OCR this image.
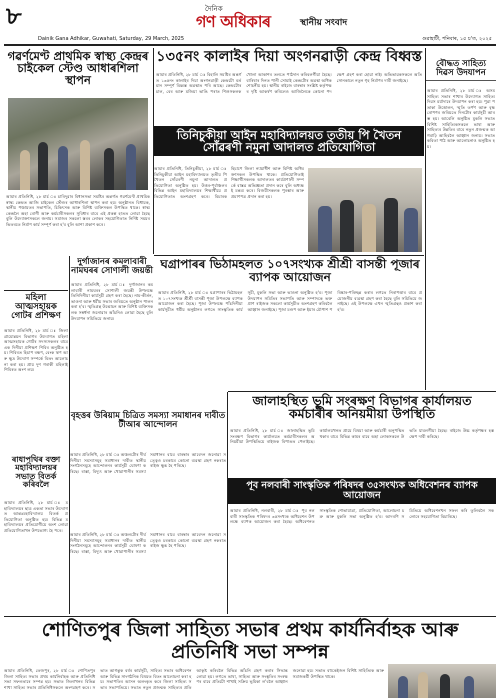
৮
Dainik Gana Adhikar, Guwahati, Saturday, 29 March, 2025
দৈনিক
গণ অধিকাৰ	স্থানীয় সংবাদ
গুৱাহাটী, শনিবাৰ, ১৫ চ'ত, ২০২৫
গৱৰ্ণমেণ্ট প্ৰাথমিক স্বাস্থ্য কেন্দ্ৰৰ চাইকেল স্টেণ্ড আধাৰশিলা স্থাপন
আমাৰ প্ৰতিনিধি, ২৮ মাৰ্চ ঃ চাৰিদুৱাৰ বিধানসভা সমষ্টিৰ অন্তৰ্গত গৱৰ্ণমেণ্ট প্ৰাথমিক স্বাস্থ্য কেন্দ্ৰত আজি চাইকেল স্টেণ্ডৰ আধাৰশিলা স্থাপন কৰা হয়। অনুষ্ঠানত বিধায়ক, স্থানীয় পঞ্চায়তৰ সভাপতি, চিকিৎসক আৰু বিশিষ্ট ব্যক্তিসকল উপস্থিত থাকে। স্বাস্থ্য কেন্দ্ৰলৈ অহা ৰোগী আৰু কৰ্মচাৰীসকলৰ সুবিধাৰ বাবে এই প্ৰকল্প হাতত লোৱা হৈছে বুলি উদ্যোক্তাসকলে জনায়। সমাজৰ সকলো স্তৰৰ লোকৰ সহযোগিতাত নিৰ্দিষ্ট সময়ৰ ভিতৰতে নিৰ্মাণ কাৰ্য সম্পূৰ্ণ কৰা হ'ব বুলি আশা প্ৰকাশ কৰে।
১৩৫নং কালাইৰ দিয়া অংগনৱাড়ী কেন্দ্ৰ বিধ্বস্ত
আমাৰ প্ৰতিনিধি, ২৮ মাৰ্চ ঃ বিহালি সমষ্টিৰ অন্তৰ্গত ১৩৫নং কালাইৰ দিয়া অংগনৱাড়ী কেন্দ্ৰটো বৰ্তমান সম্পূৰ্ণ বিধ্বস্ত অৱস্থাত পৰি আছে। কেন্দ্ৰটোৰ চাল, বেৰ আৰু মজিয়া ভাঙি পৰাত শিশুসকলক খোলা আকাশৰ তলতে পাঠদান কৰিবলগীয়া হৈছে। বাৰিষাৰ দিনত পানী সোমাই কেন্দ্ৰটোৰ অৱস্থা অধিক শোচনীয় হয়। স্থানীয় ৰাইজে বাৰম্বাৰ সংশ্লিষ্ট কৰ্তৃপক্ষৰ দৃষ্টি আকৰ্ষণ কৰিলেও আজিলৈকে কোনো পদক্ষেপ গ্ৰহণ কৰা হোৱা নাই। অভিভাৱকসকলে অতি সোনকালে নতুন গৃহ নিৰ্মাণৰ দাবী জনাইছে।
বৌদ্ধত সাহিত্য দিৱস উদযাপন
আমাৰ প্ৰতিনিধি, ২৮ মাৰ্চ ঃ অসম সাহিত্য সভাৰ শাখাৰ উদ্যোগত সাহিত্য দিৱস মৰ্যাদাৰে উদযাপন কৰা হয়। পুৱা পতাকা উত্তোলন, স্মৃতি তৰ্পণ আৰু বৃক্ষৰোপণৰ জৰিয়তে দিনটোৰ কাৰ্যসূচী আৰম্ভ হয়। আবেলি অনুষ্ঠিত মুকলি সভাত বিশিষ্ট সাহিত্যিকসকলে ভাষা আৰু সাহিত্যৰ উন্নতিৰ বাবে নতুন প্ৰজন্মক আগবাঢ়ি আহিবলৈ আহ্বান জনায়। সভাত কবিতা পাঠ আৰু আলোচনাও অনুষ্ঠিত হয়।
তিনিচুকীয়া আইন মহাবিদ্যালয়ত তৃতীয় পি খৈতন সোঁৱৰণী নমুনা আদালত প্ৰতিযোগিতা
আমাৰ প্ৰতিনিধি, তিনিচুকীয়া, ২৮ মাৰ্চ ঃ তিনিচুকীয়া আইন মহাবিদ্যালয়ত তৃতীয় পি খৈতন সোঁৱৰণী নমুনা আদালত প্ৰতিযোগিতা অনুষ্ঠিত হয়। উত্তৰ-পূৰ্বাঞ্চলৰ বিভিন্ন আইন মহাবিদ্যালয়ৰ শিক্ষাৰ্থীয়ে প্ৰতিযোগিতাত অংশগ্ৰহণ কৰে। বিচাৰক হিচাপে জিলা ন্যায়াধীশ আৰু বিশিষ্ট অধিবক্তাসকল উপস্থিত থাকে। প্ৰতিযোগিতাই শিক্ষাৰ্থীসকলক আদালতৰ কাৰ্যপ্ৰণালী সম্পৰ্কে বাস্তৱ অভিজ্ঞতা প্ৰদান কৰে বুলি অধ্যক্ষই মন্তব্য কৰে। বিজয়ীসকলক পুৰস্কাৰ আৰু প্ৰমাণপত্ৰ প্ৰদান কৰা হয়।
মহিলা আত্মসহায়ক গোটৰ প্ৰশিক্ষণ
আমাৰ প্ৰতিনিধি, ২৮ মাৰ্চ ঃ জিলা গ্ৰামোন্নয়ন বিভাগৰ উদ্যোগত মহিলা আত্মসহায়ক গোটৰ সদস্যসকলৰ বাবে এক দিনীয়া প্ৰশিক্ষণ শিবিৰ অনুষ্ঠিত হয়। শিবিৰত হিচাপ ৰক্ষণ, বেংক ঋণ আৰু ক্ষুদ্ৰ উদ্যোগ সম্পৰ্কে বিতং আলোচনা কৰা হয়। প্ৰায় দুশ গৰাকী মহিলাই শিবিৰত অংশ লয়।
দুৰ্গাজানৰ কমলাবাৰী নামঘৰৰ সোণালী জয়ন্তী
আমাৰ প্ৰতিনিধি, ২৮ মাৰ্চ ঃ দুৰ্গাজানৰ কমলাবাৰী নামঘৰৰ সোণালী জয়ন্তী উপলক্ষে তিনিদিনীয়া কাৰ্যসূচী গ্ৰহণ কৰা হৈছে। নাম-কীৰ্তন, ভাওনা আৰু ধৰ্মীয় সভাৰ জৰিয়তে অনুষ্ঠান পালন কৰা হ'ব। স্মৃতিগ্ৰন্থ উন্মোচন আৰু বিশিষ্ট ব্যক্তিসকলক সম্বৰ্ধনা জনোৱাৰ আঁচনিও লোৱা হৈছে বুলি উদযাপন সমিতিয়ে জনায়।
বৃহত্তৰ উৰিয়াম চিত্ৰিত সমস্যা সমাধানৰ দাবীত টীআৰ আন্দোলন
আমাৰ প্ৰতিনিধি, ২৮ মাৰ্চ ঃ অঞ্চলটোৰ দীৰ্ঘদিনীয়া সমস্যাসমূহ সমাধানৰ দাবীত স্থানীয় সংগঠনসমূহে আন্দোলনৰ কাৰ্যসূচী ঘোষণা কৰিছে। ৰাস্তা, বিদ্যুৎ আৰু খোৱাপানীৰ সমস্যা সমাধানৰ বাবে বাৰম্বাৰ আবেদন জনোৱা সত্ত্বেও চৰকাৰে কোনো ব্যৱস্থা গ্ৰহণ নকৰাত ৰাইজ ক্ষুব্ধ হৈ পৰিছে।
ঘগ্ৰাপাৰৰ ভিঠামহলত ১০৭সংখ্যক শ্ৰীশ্ৰী বাসন্তী পূজাৰ ব্যাপক আয়োজন
আমাৰ প্ৰতিনিধি, ২৮ মাৰ্চ ঃ ঘগ্ৰাপাৰৰ ভিঠামহলত ১০৭সংখ্যক শ্ৰীশ্ৰী বাসন্তী পূজা উপলক্ষে ব্যাপক আয়োজন কৰা হৈছে। পূজা উপলক্ষে পাঁচদিনীয়া কাৰ্যসূচীত ধৰ্মীয় অনুষ্ঠানৰ লগতে সাংস্কৃতিক কাৰ্যসূচী, মুকলি সভা আৰু ভাওনা অনুষ্ঠিত হ'ব। পূজা উদযাপন সমিতিৰ সভাপতি আৰু সম্পাদকে ভক্তপ্ৰাণ ৰাইজক সকলো কাৰ্যসূচীত অংশগ্ৰহণ কৰিবলৈ আহ্বান জনাইছে। পূজা মণ্ডপ আৰু ইয়াৰ চৌপাশ পৰিষ্কাৰ-পৰিচ্ছন্ন কৰাৰ লগতে নিৰাপত্তাৰ বাবে প্ৰয়োজনীয় ব্যৱস্থা গ্ৰহণ কৰা হৈছে বুলি সমিতিয়ে জনাইছে। এই উপলক্ষে এখন স্মৃতিগ্ৰন্থও প্ৰকাশ কৰা হ'ব।
জালাহস্থিত ভূমি সংৰক্ষণ বিভাগৰ কাৰ্যালয়ত কৰ্মচাৰীৰ অনিয়মীয়া উপস্থিতি
আমাৰ প্ৰতিনিধি, ২৮ মাৰ্চ ঃ জালাহস্থিত ভূমি সংৰক্ষণ বিভাগৰ কাৰ্যালয়ত কৰ্মচাৰীসকলৰ অনিয়মীয়া উপস্থিতিয়ে ৰাইজক বিপাঙত পেলাইছে। কাৰ্যালয়খনত প্ৰায়ে বিষয়া আৰু কৰ্মচাৰী অনুপস্থিত থকাৰ বাবে বিভিন্ন কামৰ বাবে অহা লোকসকলে উভতি যাবলগীয়া হৈছে। ৰাইজে উচ্চ কৰ্তৃপক্ষৰ হস্তক্ষেপ দাবী কৰিছে।
পূব নলবাৰী সাংস্কৃতিক পৰিষদৰ ৩৫সংখ্যক অধিবেশনৰ ব্যাপক আয়োজন
আমাৰ প্ৰতিনিধি, নলবাৰী, ২৮ মাৰ্চ ঃ পূব নলবাৰী সাংস্কৃতিক পৰিষদৰ ৩৫সংখ্যক অধিবেশন উপলক্ষে ব্যাপক আয়োজন কৰা হৈছে। অধিবেশনত সাংস্কৃতিক শোভাযাত্ৰা, প্ৰতিযোগিতা, আলোচনা চক্ৰ আৰু মুকলি সভা অনুষ্ঠিত হ'ব। আদৰণি সমিতিয়ে অধিবেশনখন সফল কৰি তুলিবলৈ সকলোৰে সহযোগিতা বিচাৰিছে।
ৰাধাপথিৰ বক্তা মহাবিদ্যালয়ৰ সভাত বিতৰ্ক কৰিবলৈ
আমাৰ প্ৰতিনিধি, ২৮ মাৰ্চ ঃ মহাবিদ্যালয়ৰ ছাত্ৰ একতা সভাৰ উদ্যোগত আন্তঃমহাবিদ্যালয় বিতৰ্ক প্ৰতিযোগিতা অনুষ্ঠিত হয়। বিভিন্ন মহাবিদ্যালয়ৰ প্ৰতিযোগীয়ে অংশ লোৱা প্ৰতিযোগিতাখন উপভোগ্য হৈ পৰে।
আমাৰ প্ৰতিনিধি, ২৮ মাৰ্চ ঃ অঞ্চলটোৰ দীৰ্ঘদিনীয়া সমস্যাসমূহ সমাধানৰ দাবীত স্থানীয় সংগঠনসমূহে আন্দোলনৰ কাৰ্যসূচী ঘোষণা কৰিছে। ৰাস্তা, বিদ্যুৎ আৰু খোৱাপানীৰ সমস্যা সমাধানৰ বাবে বাৰম্বাৰ আবেদন জনোৱা সত্ত্বেও চৰকাৰে কোনো ব্যৱস্থা গ্ৰহণ নকৰাত ৰাইজ ক্ষুব্ধ হৈ পৰিছে।
শোণিতপুৰ জিলা সাহিত্য সভাৰ প্ৰথম কাৰ্যনিৰ্বাহক আৰু প্ৰতিনিধি সভা সম্পন্ন
আমাৰ প্ৰতিনিধি, তেজপুৰ, ২৮ মাৰ্চ ঃ শোণিতপুৰ জিলা সাহিত্য সভাৰ প্ৰথম কাৰ্যনিৰ্বাহক আৰু প্ৰতিনিধি সভা সফলতাৰে সম্পন্ন হয়। সভাত জিলাখনৰ বিভিন্ন শাখা সাহিত্য সভাৰ প্ৰতিনিধিসকলে অংশগ্ৰহণ কৰে। সভাত আগন্তুক বৰ্ষৰ কাৰ্যসূচী, সাহিত্য সভাৰ অধিবেশন আৰু বিভিন্ন সাংগঠনিক বিষয়ত বিতং আলোচনা কৰা হয়। সভাপতিৰ আসন অলংকৃত কৰে জিলা সাহিত্য সভাৰ সভাপতিয়ে। সভাত নতুন প্ৰজন্মক সাহিত্যৰ প্ৰতি আকৃষ্ট কৰিবলৈ বিভিন্ন আঁচনি গ্ৰহণ কৰাৰ সিদ্ধান্ত লোৱা হয়। লগতে ভাষা, সাহিত্য আৰু সংস্কৃতিৰ সংৰক্ষণৰ বাবে প্ৰতিটো শাখাই সক্ৰিয় ভূমিকা ল'বলৈ আহ্বান জনোৱা হয়। সভাত বহুকেইজন বিশিষ্ট সাহিত্যিক আৰু সমাজকৰ্মী উপস্থিত থাকে।
